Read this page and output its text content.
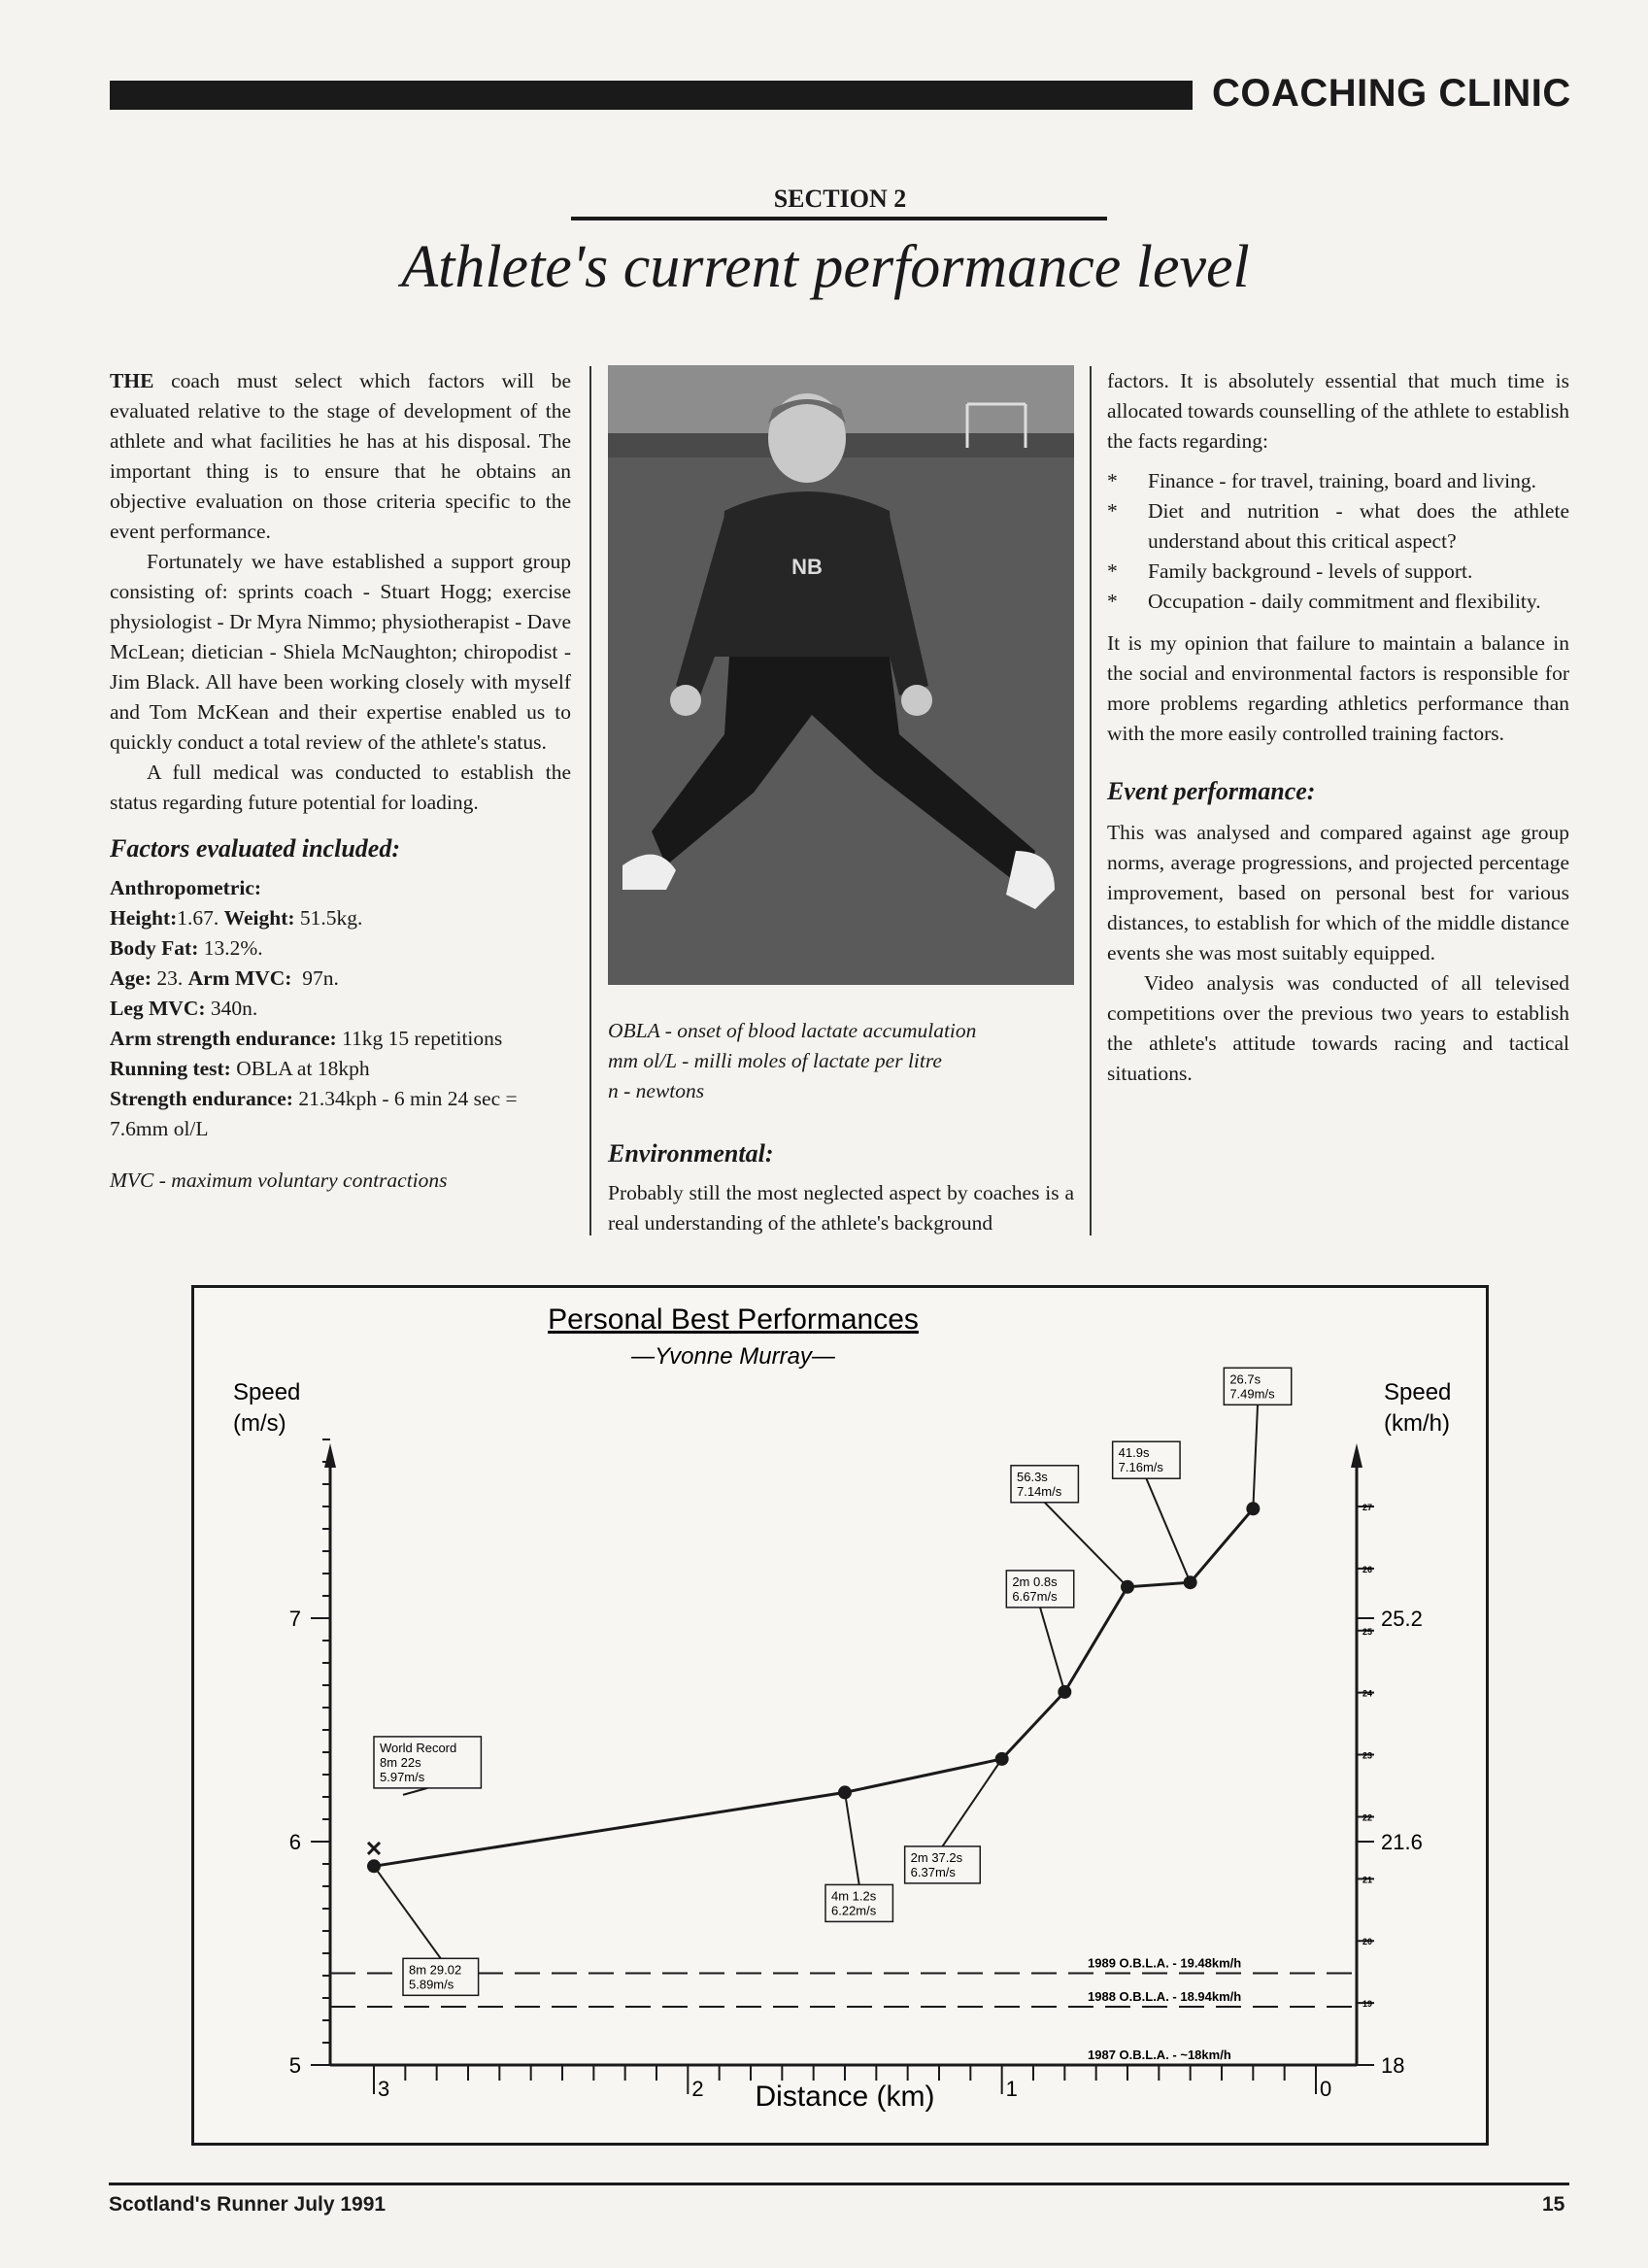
COACHING CLINIC
SECTION 2
Athlete's current performance level

THE coach must select which factors will be evaluated relative to the stage of development of the athlete and what facilities he has at his disposal. The important thing is to ensure that he obtains an objective evaluation on those criteria specific to the event performance.

Fortunately we have established a support group consisting of: sprints coach - Stuart Hogg; exercise physiologist - Dr Myra Nimmo; physiotherapist - Dave McLean; dietician - Shiela McNaughton; chiropodist - Jim Black. All have been working closely with myself and Tom McKean and their expertise enabled us to quickly conduct a total review of the athlete's status.

A full medical was conducted to establish the status regarding future potential for loading.

Factors evaluated included:

Anthropometric:

Height:1.67. Weight: 51.5kg.

Body Fat: 13.2%.

Age: 23. Arm MVC: 97n.

Leg MVC: 340n.

Arm strength endurance: 11kg 15 repetitions

Running test: OBLA at 18kph

Strength endurance: 21.34kph - 6 min 24 sec = 7.6mm ol/L

MVC - maximum voluntary contractions

NB
OBLA - onset of blood lactate accumulation
mm ol/L - milli moles of lactate per litre
n - newtons

Environmental:

Probably still the most neglected aspect by coaches is a real understanding of the athlete's background

factors. It is absolutely essential that much time is allocated towards counselling of the athlete to establish the facts regarding:

* Finance - for travel, training, board and living.
* Diet and nutrition - what does the athlete understand about this critical aspect?
* Family background - levels of support.
* Occupation - daily commitment and flexibility.

It is my opinion that failure to maintain a balance in the social and environmental factors is responsible for more problems regarding athletics performance than with the more easily controlled training factors.

Event performance:

This was analysed and compared against age group norms, average progressions, and projected percentage improvement, based on personal best for various distances, to establish for which of the middle distance events she was most suitably equipped.

Video analysis was conducted of all televised competitions over the previous two years to establish the athlete's attitude towards racing and tactical situations.

Personal Best Performances
—Yvonne Murray—
Distance (km)
Speed
(m/s)
Speed
(km/h)
5
6
7
18
19
20
21
21.6
22
23
24
25
25.2
26
27
3	2	1	0
1989 O.B.L.A. - 19.48km/h
1988 O.B.L.A. - 18.94km/h
1987 O.B.L.A. - ~18km/h
8m 29.02
5.89m/s
4m 1.2s
6.22m/s
2m 37.2s
6.37m/s
2m 0.8s
6.67m/s
56.3s
7.14m/s
41.9s
7.16m/s
26.7s
7.49m/s
World Record
8m 22s
5.97m/s
Scotland's Runner July 1991	15
